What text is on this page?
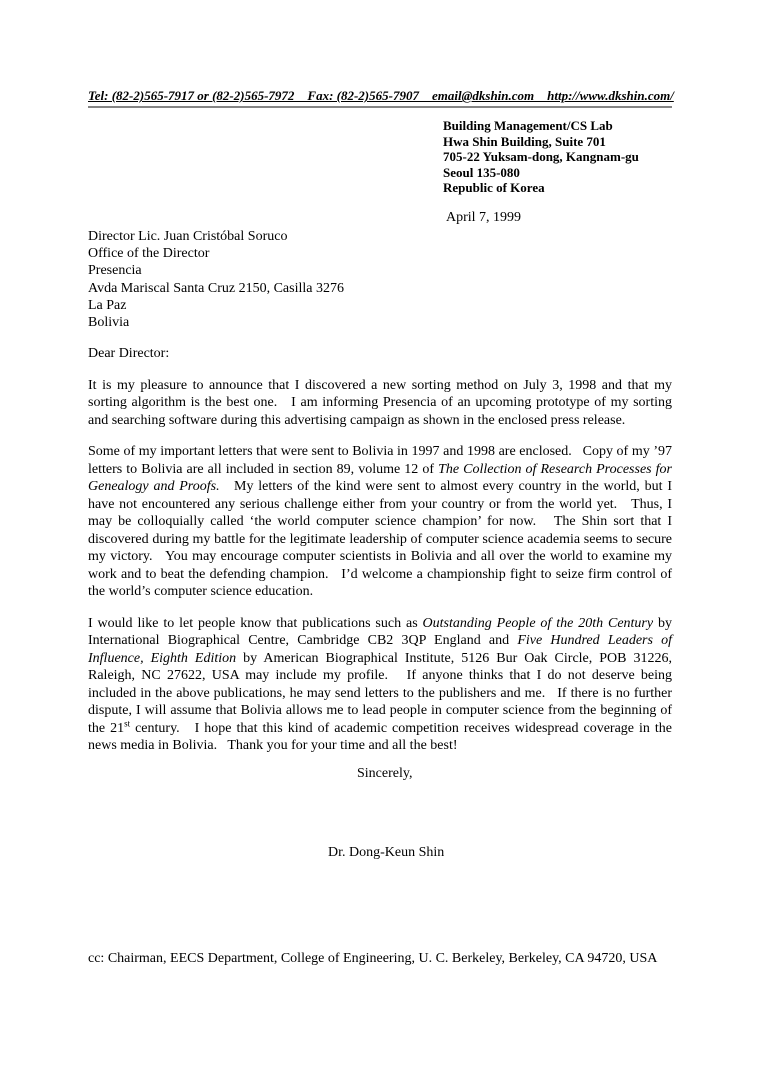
Tel: (82-2)565-7917 or (82-2)565-7972    Fax: (82-2)565-7907    email@dkshin.com    http://www.dkshin.com/
Building Management/CS Lab
Hwa Shin Building, Suite 701
705-22 Yuksam-dong, Kangnam-gu
Seoul 135-080
Republic of Korea
April 7, 1999
Director Lic. Juan Cristóbal Soruco
Office of the Director
Presencia
Avda Mariscal Santa Cruz 2150, Casilla 3276
La Paz
Bolivia
Dear Director:

It is my pleasure to announce that I discovered a new sorting method on July 3, 1998 and that my sorting algorithm is the best one.   I am informing Presencia of an upcoming prototype of my sorting and searching software during this advertising campaign as shown in the enclosed press release.

Some of my important letters that were sent to Bolivia in 1997 and 1998 are enclosed.   Copy of my ’97 letters to Bolivia are all included in section 89, volume 12 of The Collection of Research Processes for Genealogy and Proofs.   My letters of the kind were sent to almost every country in the world, but I have not encountered any serious challenge either from your country or from the world yet.   Thus, I may be colloquially called ‘the world computer science champion’ for now.   The Shin sort that I discovered during my battle for the legitimate leadership of computer science academia seems to secure my victory.   You may encourage computer scientists in Bolivia and all over the world to examine my work and to beat the defending champion.   I’d welcome a championship fight to seize firm control of the world’s computer science education.

I would like to let people know that publications such as Outstanding People of the 20th Century by International Biographical Centre, Cambridge CB2 3QP England and Five Hundred Leaders of Influence, Eighth Edition by American Biographical Institute, 5126 Bur Oak Circle, POB 31226, Raleigh, NC 27622, USA may include my profile.   If anyone thinks that I do not deserve being included in the above publications, he may send letters to the publishers and me.   If there is no further dispute, I will assume that Bolivia allows me to lead people in computer science from the beginning of the 21st century.   I hope that this kind of academic competition receives widespread coverage in the news media in Bolivia.   Thank you for your time and all the best!

Sincerely,
Dr. Dong-Keun Shin
cc: Chairman, EECS Department, College of Engineering, U. C. Berkeley, Berkeley, CA 94720, USA
